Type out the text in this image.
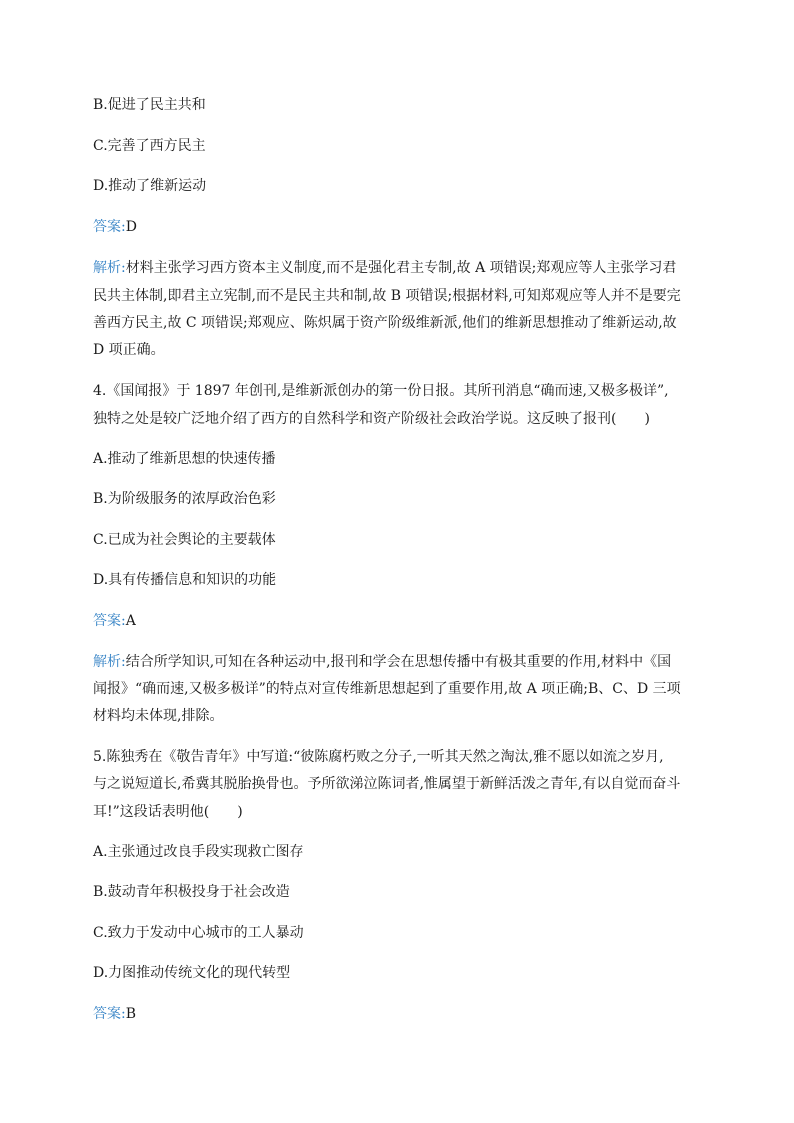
B.促进了民主共和
C.完善了西方民主
D.推动了维新运动
答案:D
解析:材料主张学习西方资本主义制度,而不是强化君主专制,故 A 项错误;郑观应等人主张学习君
民共主体制,即君主立宪制,而不是民主共和制,故 B 项错误;根据材料,可知郑观应等人并不是要完
善西方民主,故 C 项错误;郑观应、陈炽属于资产阶级维新派,他们的维新思想推动了维新运动,故
D 项正确。
4.《国闻报》于 1897 年创刊,是维新派创办的第一份日报。其所刊消息“确而速,又极多极详”,
独特之处是较广泛地介绍了西方的自然科学和资产阶级社会政治学说。这反映了报刊(　　)
A.推动了维新思想的快速传播
B.为阶级服务的浓厚政治色彩
C.已成为社会舆论的主要载体
D.具有传播信息和知识的功能
答案:A
解析:结合所学知识,可知在各种运动中,报刊和学会在思想传播中有极其重要的作用,材料中《国
闻报》“确而速,又极多极详”的特点对宣传维新思想起到了重要作用,故 A 项正确;B、C、D 三项
材料均未体现,排除。
5.陈独秀在《敬告青年》中写道:“彼陈腐朽败之分子,一听其天然之淘汰,雅不愿以如流之岁月,
与之说短道长,希冀其脱胎换骨也。予所欲涕泣陈词者,惟属望于新鲜活泼之青年,有以自觉而奋斗
耳!”这段话表明他(　　)
A.主张通过改良手段实现救亡图存
B.鼓动青年积极投身于社会改造
C.致力于发动中心城市的工人暴动
D.力图推动传统文化的现代转型
答案:B
